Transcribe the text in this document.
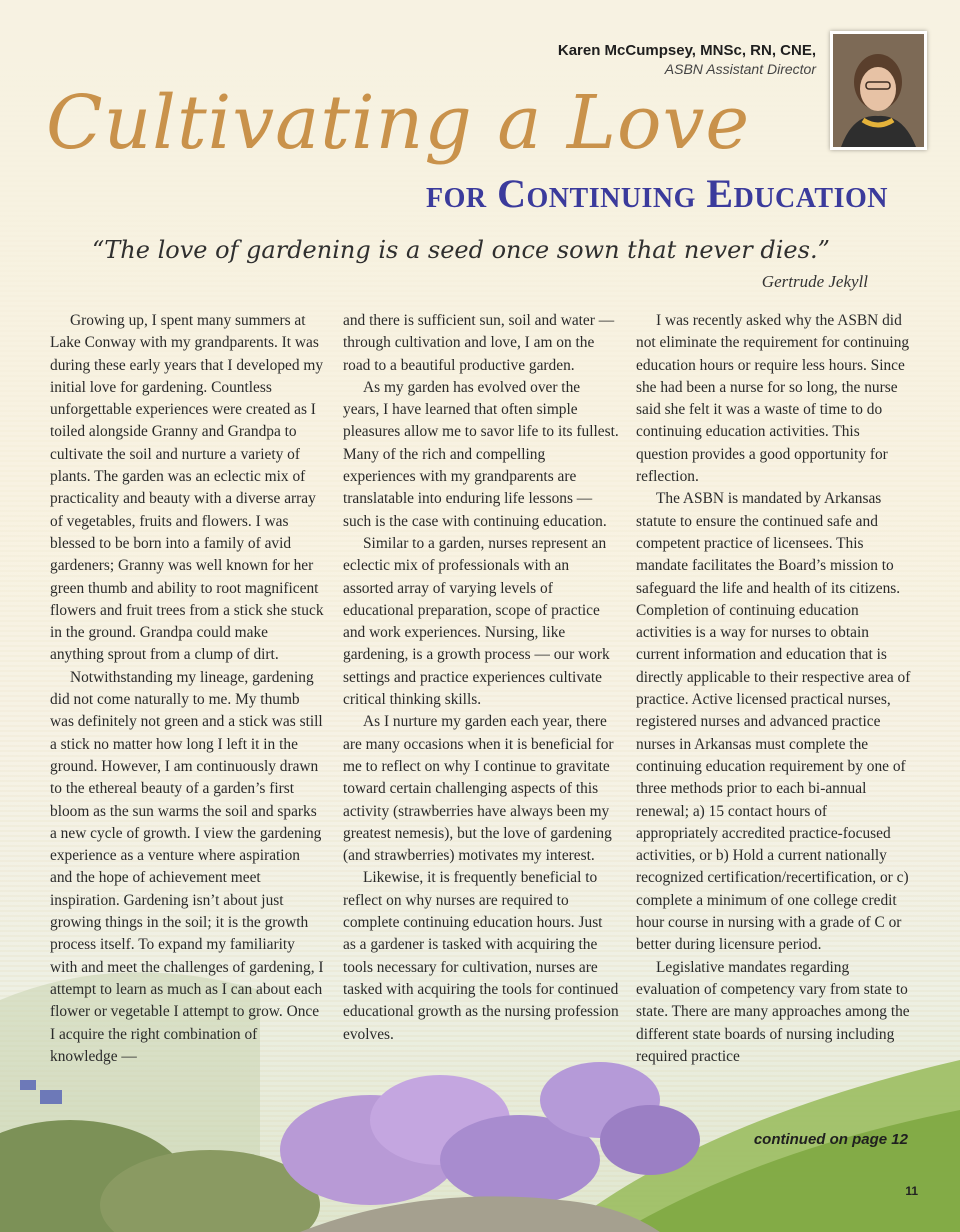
Karen McCumpsey, MNSc, RN, CNE,
ASBN Assistant Director
Cultivating a Love
for Continuing Education
“The love of gardening is a seed once sown that never dies.”
Gertrude Jekyll

Growing up, I spent many summers at Lake Conway with my grandparents. It was during these early years that I developed my initial love for gardening. Countless unforgettable experiences were created as I toiled alongside Granny and Grandpa to cultivate the soil and nurture a variety of plants. The garden was an eclectic mix of practicality and beauty with a diverse array of vegetables, fruits and flowers. I was blessed to be born into a family of avid gardeners; Granny was well known for her green thumb and ability to root magnificent flowers and fruit trees from a stick she stuck in the ground. Grandpa could make anything sprout from a clump of dirt.

Notwithstanding my lineage, gardening did not come naturally to me. My thumb was definitely not green and a stick was still a stick no matter how long I left it in the ground. However, I am continuously drawn to the ethereal beauty of a garden’s first bloom as the sun warms the soil and sparks a new cycle of growth. I view the gardening experience as a venture where aspiration and the hope of achievement meet inspiration. Gardening isn’t about just growing things in the soil; it is the growth process itself. To expand my familiarity with and meet the challenges of gardening, I attempt to learn as much as I can about each flower or vegetable I attempt to grow. Once I acquire the right combination of knowledge —

and there is sufficient sun, soil and water — through cultivation and love, I am on the road to a beautiful productive garden.

As my garden has evolved over the years, I have learned that often simple pleasures allow me to savor life to its fullest. Many of the rich and compelling experiences with my grandparents are translatable into enduring life lessons — such is the case with continuing education.

Similar to a garden, nurses represent an eclectic mix of professionals with an assorted array of varying levels of educational preparation, scope of practice and work experiences. Nursing, like gardening, is a growth process — our work settings and practice experiences cultivate critical thinking skills.

As I nurture my garden each year, there are many occasions when it is beneficial for me to reflect on why I continue to gravitate toward certain challenging aspects of this activity (strawberries have always been my greatest nemesis), but the love of gardening (and strawberries) motivates my interest.

Likewise, it is frequently beneficial to reflect on why nurses are required to complete continuing education hours. Just as a gardener is tasked with acquiring the tools necessary for cultivation, nurses are tasked with acquiring the tools for continued educational growth as the nursing profession evolves.

I was recently asked why the ASBN did not eliminate the requirement for continuing education hours or require less hours. Since she had been a nurse for so long, the nurse said she felt it was a waste of time to do continuing education activities. This question provides a good opportunity for reflection.

The ASBN is mandated by Arkansas statute to ensure the continued safe and competent practice of licensees. This mandate facilitates the Board’s mission to safeguard the life and health of its citizens. Completion of continuing education activities is a way for nurses to obtain current information and education that is directly applicable to their respective area of practice. Active licensed practical nurses, registered nurses and advanced practice nurses in Arkansas must complete the continuing education requirement by one of three methods prior to each bi-annual renewal; a) 15 contact hours of appropriately accredited practice-focused activities, or b) Hold a current nationally recognized certification/recertification, or c) complete a minimum of one college credit hour course in nursing with a grade of C or better during licensure period.

Legislative mandates regarding evaluation of competency vary from state to state. There are many approaches among the different state boards of nursing including required practice

continued on page 12
11
